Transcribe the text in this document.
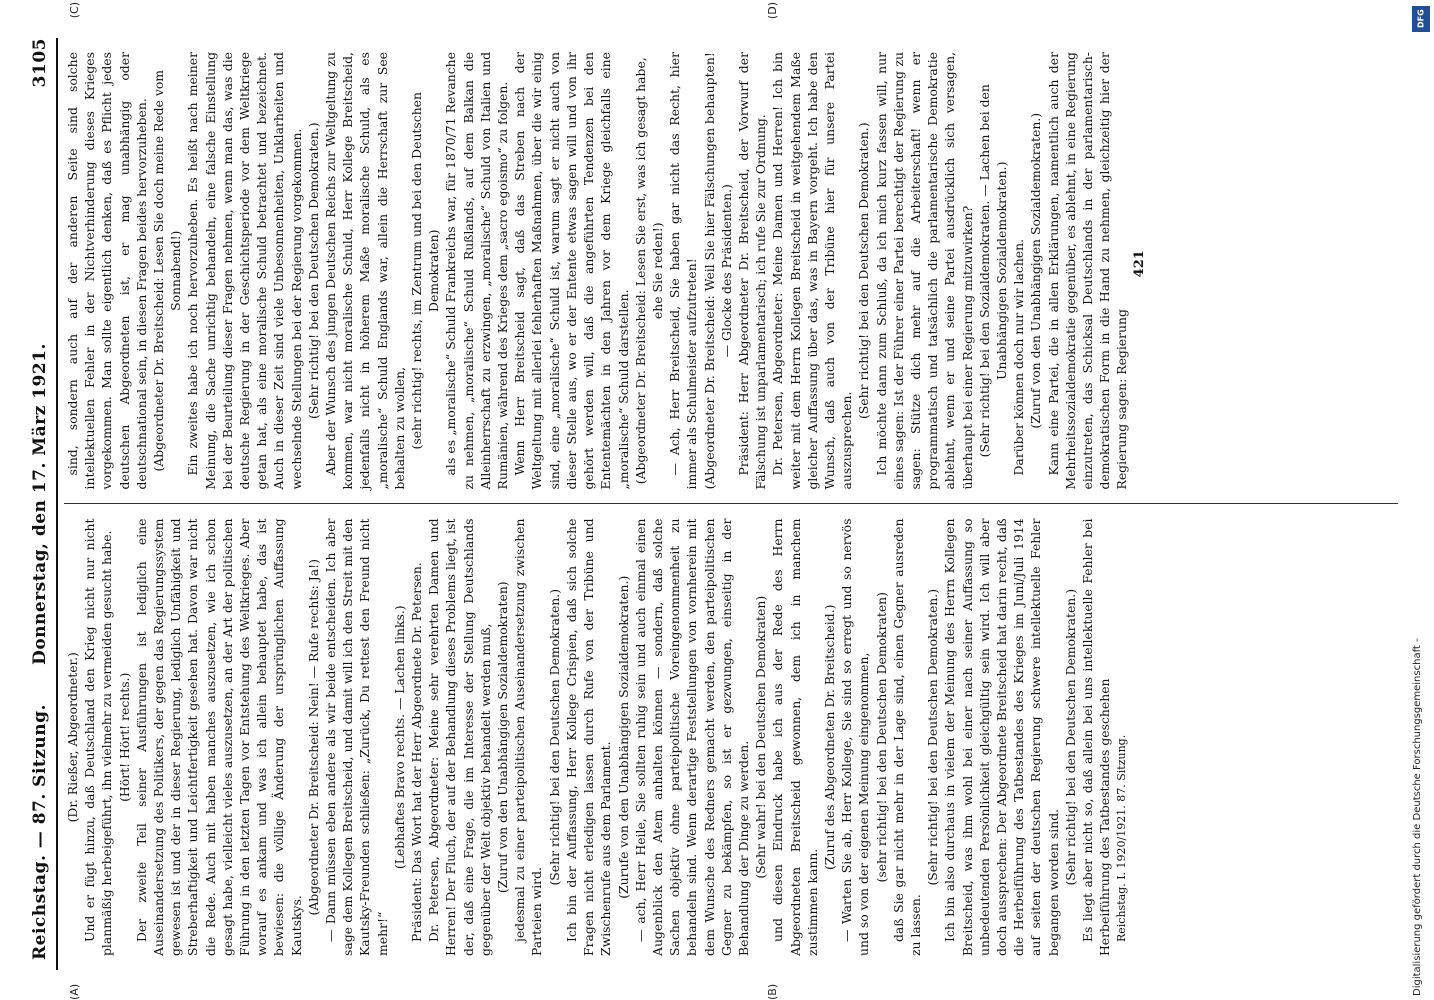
Reichstag. — 87. Sitzung.
Donnerstag, den 17. März 1921.
3105
(A)	(B)

(Dr. Rießer, Abgeordneter.) Und er fügt hinzu, daß Deutschland den Krieg nicht nur nicht planmäßig herbeigeführt, ihn vielmehr zu vermeiden gesucht habe. (Hört! Hört! rechts.) Der zweite Teil seiner Ausführungen ist lediglich eine Auseinandersetzung des Politikers, der gegen das Regierungssystem gewesen ist und der in dieser Regierung, lediglich Unfähigkeit und Streberhaftigkeit und Leichtfertigkeit gesehen hat. Davon war nicht die Rede. Auch mit haben manches auszusetzen, wie ich schon gesagt habe, vielleicht vieles auszusetzen, an der Art der politischen Führung in den letzten Tagen vor Entstehung des Weltkrieges. Aber worauf es ankam und was ich allein behauptet habe, das ist bewiesen: die völlige Änderung der ursprünglichen Auffassung Kautskys.

(Abgeordneter Dr. Breitscheid: Nein! — Rufe rechts: Ja!) — Dann müssen eben andere als wir beide entscheiden. Ich aber sage dem Kollegen Breitscheid, und damit will ich den Streit mit den Kautsky-Freunden schließen: „Zurück, Du rettest den Freund nicht mehr!“

(Lebhaftes Bravo rechts. — Lachen links.) Präsident: Das Wort hat der Herr Abgeordnete Dr. Petersen. Dr. Petersen, Abgeordneter: Meine sehr verehrten Damen und Herren! Der Fluch, der auf der Behandlung dieses Problems liegt, ist der, daß eine Frage, die im Interesse der Stellung Deutschlands gegenüber der Welt objektiv behandelt werden muß, (Zuruf von den Unabhängigen Sozialdemokraten) jedesmal zu einer parteipolitischen Auseinandersetzung zwischen Parteien wird.

(Sehr richtig! bei den Deutschen Demokraten.) Ich bin der Auffassung, Herr Kollege Crispien, daß sich solche Fragen nicht erledigen lassen durch Rufe von der Tribüne und Zwischenrufe aus dem Parlament. (Zurufe von den Unabhängigen Sozialdemokraten.) — ach, Herr Heile, Sie sollten ruhig sein und auch einmal einen Augenblick den Atem anhalten können — sondern, daß solche Sachen objektiv ohne parteipolitische Voreingenommenheit zu behandeln sind. Wenn derartige Feststellungen von vornherein mit dem Wunsche des Redners gemacht werden, den parteipolitischen Gegner zu bekämpfen, so ist er gezwungen, einseitig in der Behandlung der Dinge zu werden. (Sehr wahr! bei den Deutschen Demokraten) und diesen Eindruck habe ich aus der Rede des Herrn Abgeordneten Breitscheid gewonnen, dem ich in manchem zustimmen kann.

(Zuruf des Abgeordneten Dr. Breitscheid.) — Warten Sie ab, Herr Kollege, Sie sind so erregt und so nervös und so von der eigenen Meinung eingenommen, (sehr richtig! bei den Deutschen Demokraten) daß Sie gar nicht mehr in der Lage sind, einen Gegner ausreden zu lassen.

(Sehr richtig! bei den Deutschen Demokraten.) Ich bin also durchaus in vielem der Meinung des Herrn Kollegen Breitscheid, was ihm wohl bei einer nach seiner Auffassung so unbedeutenden Persönlichkeit gleichgültig sein wird. Ich will aber doch aussprechen: Der Abgeordnete Breitscheid hat darin recht, daß die Herbeiführung des Tatbestandes des Krieges im Juni/Juli 1914 auf seiten der deutschen Regierung schwere intellektuelle Fehler begangen worden sind. (Sehr richtig! bei den Deutschen Demokraten.) Es liegt aber nicht so, daß allein bei uns intellektuelle Fehler bei Herbeiführung des Tatbestandes geschehen Reichstag. I. 1920/1921. 87. Sitzung.

(C)	(D)

sind, sondern auch auf der anderen Seite sind solche intellektuellen Fehler in der Nichtverhinderung dieses Krieges vorgekommen. Man sollte eigentlich denken, daß es Pflicht jedes deutschen Abgeordneten ist, er mag unabhängig oder deutschnational sein, in diesen Fragen beides hervorzuheben. (Abgeordneter Dr. Breitscheid: Lesen Sie doch meine Rede vom Sonnabend!) Ein zweites habe ich noch hervorzuheben. Es heißt nach meiner Meinung, die Sache unrichtig behandeln, eine falsche Einstellung bei der Beurteilung dieser Fragen nehmen, wenn man das, was die deutsche Regierung in der Geschichtsperiode vor dem Weltkriege getan hat, als eine moralische Schuld betrachtet und bezeichnet. Auch in dieser Zeit sind viele Unbesonnenheiten, Unklarheiten und wechselnde Stellungen bei der Regierung vorgekommen. (Sehr richtig! bei den Deutschen Demokraten.) Aber der Wunsch des jungen Deutschen Reichs zur Weltgeltung zu kommen, war nicht moralische Schuld, Herr Kollege Breitscheid, jedenfalls nicht in höherem Maße moralische Schuld, als es „moralische“ Schuld Englands war, allein die Herrschaft zur See behalten zu wollen, (sehr richtig! rechts, im Zentrum und bei den Deutschen Demokraten) als es „moralische“ Schuld Frankreichs war, für 1870/71 Revanche zu nehmen, „moralische“ Schuld Rußlands, auf dem Balkan die Alleinherrschaft zu erzwingen, „moralische“ Schuld von Italien und Rumänien, während des Krieges dem „sacro egoismo“ zu folgen. Wenn Herr Breitscheid sagt, daß das Streben nach der Weltgeltung mit allerlei fehlerhaften Maßnahmen, über die wir einig sind, eine „moralische“ Schuld ist, warum sagt er nicht auch von dieser Stelle aus, wo er der Entente etwas sagen will und von ihr gehört werden will, daß die angeführten Tendenzen bei den Ententemächten in den Jahren vor dem Kriege gleichfalls eine „moralische“ Schuld darstellen. (Abgeordneter Dr. Breitscheid: Lesen Sie erst, was ich gesagt habe, ehe Sie reden!) — Ach, Herr Breitscheid, Sie haben gar nicht das Recht, hier immer als Schulmeister aufzutreten! (Abgeordneter Dr. Breitscheid: Weil Sie hier Fälschungen behaupten! — Glocke des Präsidenten.) Präsident: Herr Abgeordneter Dr. Breitscheid, der Vorwurf der Fälschung ist unparlamentarisch; ich rufe Sie zur Ordnung. Dr. Petersen, Abgeordneter: Meine Damen und Herren! Ich bin weiter mit dem Herrn Kollegen Breitscheid in weitgehendem Maße gleicher Auffassung über das, was in Bayern vorgeht. Ich habe den Wunsch, daß auch von der Tribüne hier für unsere Partei auszusprechen.

(Sehr richtig! bei den Deutschen Demokraten.) Ich möchte dann zum Schluß, da ich mich kurz fassen will, nur eines sagen: Ist der Führer einer Partei berechtigt der Regierung zu sagen: Stütze dich mehr auf die Arbeiterschaft! wenn er programmatisch und tatsächlich die parlamentarische Demokratie ablehnt, wenn er und seine Partei ausdrücklich sich versagen, überhaupt bei einer Regierung mitzuwirken? (Sehr richtig! bei den Sozialdemokraten. — Lachen bei den Unabhängigen Sozialdemokraten.) Darüber können doch nur wir lachen. (Zuruf von den Unabhängigen Sozialdemokraten.) Kann eine Partei, die in allen Erklärungen, namentlich auch der Mehrheitssozialdemokratie gegenüber, es ablehnt, in eine Regierung einzutreten, das Schicksal Deutschlands in der parlamentarisch-demokratischen Form in die Hand zu nehmen, gleichzeitig hier der Regierung sagen: Regierung

421

Digitalisierung gefördert durch die Deutsche Forschungsgemeinschaft -
DFG
